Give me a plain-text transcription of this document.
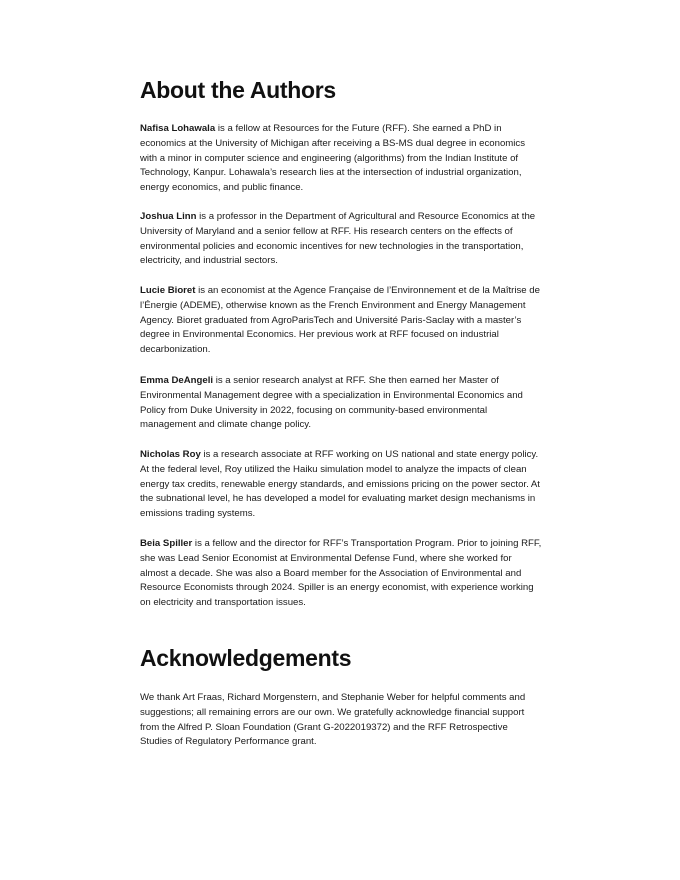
About the Authors

Nafisa Lohawala is a fellow at Resources for the Future (RFF). She earned a PhD in economics at the University of Michigan after receiving a BS-MS dual degree in economics with a minor in computer science and engineering (algorithms) from the Indian Institute of Technology, Kanpur. Lohawala’s research lies at the intersection of industrial organization, energy economics, and public finance.

Joshua Linn is a professor in the Department of Agricultural and Resource Economics at the University of Maryland and a senior fellow at RFF. His research centers on the effects of environmental policies and economic incentives for new technologies in the transportation, electricity, and industrial sectors.

Lucie Bioret is an economist at the Agence Française de l’Environnement et de la Maîtrise de l’Énergie (ADEME), otherwise known as the French Environment and Energy Management Agency. Bioret graduated from AgroParisTech and Université Paris-Saclay with a master’s degree in Environmental Economics. Her previous work at RFF focused on industrial decarbonization.

Emma DeAngeli is a senior research analyst at RFF. She then earned her Master of Environmental Management degree with a specialization in Environmental Economics and Policy from Duke University in 2022, focusing on community-based environmental management and climate change policy.

Nicholas Roy is a research associate at RFF working on US national and state energy policy. At the federal level, Roy utilized the Haiku simulation model to analyze the impacts of clean energy tax credits, renewable energy standards, and emissions pricing on the power sector. At the subnational level, he has developed a model for evaluating market design mechanisms in emissions trading systems.

Beia Spiller is a fellow and the director for RFF’s Transportation Program. Prior to joining RFF, she was Lead Senior Economist at Environmental Defense Fund, where she worked for almost a decade. She was also a Board member for the Association of Environmental and Resource Economists through 2024. Spiller is an energy economist, with experience working on electricity and transportation issues.

Acknowledgements

We thank Art Fraas, Richard Morgenstern, and Stephanie Weber for helpful comments and suggestions; all remaining errors are our own. We gratefully acknowledge financial support from the Alfred P. Sloan Foundation (Grant G-2022019372) and the RFF Retrospective Studies of Regulatory Performance grant.
